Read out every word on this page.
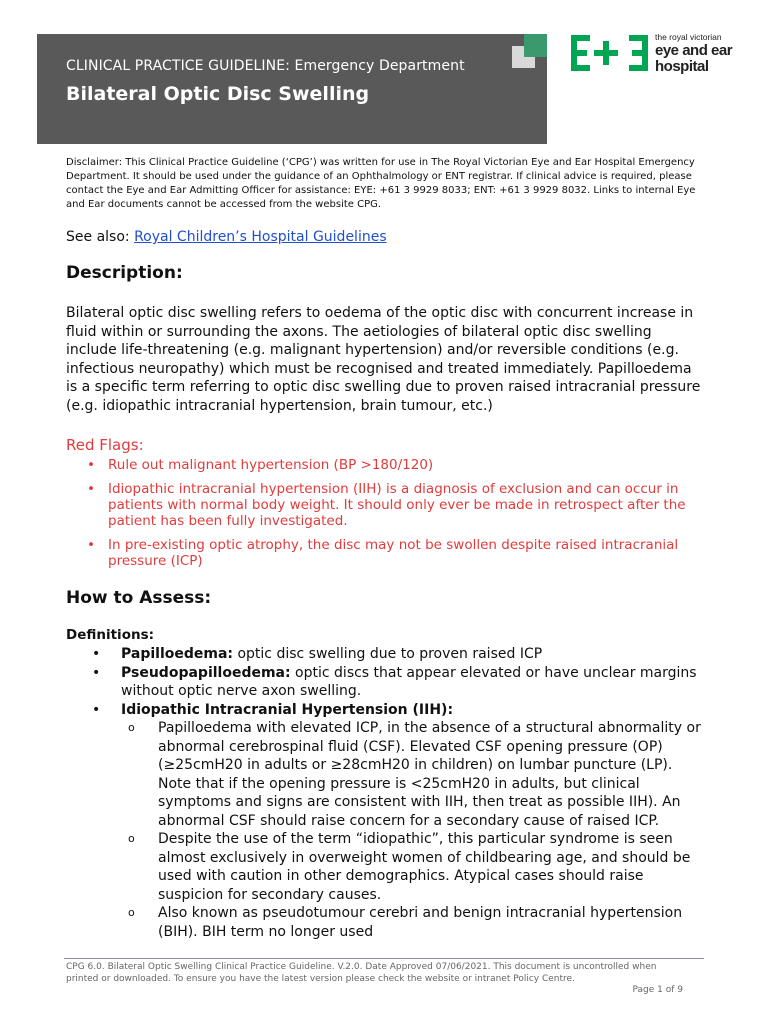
CLINICAL PRACTICE GUIDELINE: Emergency Department
Bilateral Optic Disc Swelling
the royal victorian
eye and ear
hospital

Disclaimer: This Clinical Practice Guideline (‘CPG’) was written for use in The Royal Victorian Eye and Ear Hospital Emergency Department. It should be used under the guidance of an Ophthalmology or ENT registrar. If clinical advice is required, please contact the Eye and Ear Admitting Officer for assistance: EYE: +61 3 9929 8033; ENT: +61 3 9929 8032. Links to internal Eye and Ear documents cannot be accessed from the website CPG.

See also: Royal Children’s Hospital Guidelines
Description:

Bilateral optic disc swelling refers to oedema of the optic disc with concurrent increase in fluid within or surrounding the axons. The aetiologies of bilateral optic disc swelling include life-threatening (e.g. malignant hypertension) and/or reversible conditions (e.g. infectious neuropathy) which must be recognised and treated immediately. Papilloedema is a specific term referring to optic disc swelling due to proven raised intracranial pressure (e.g. idiopathic intracranial hypertension, brain tumour, etc.)

Red Flags:
• Rule out malignant hypertension (BP >180/120)
• Idiopathic intracranial hypertension (IIH) is a diagnosis of exclusion and can occur in patients with normal body weight. It should only ever be made in retrospect after the patient has been fully investigated.
• In pre-existing optic atrophy, the disc may not be swollen despite raised intracranial pressure (ICP)
How to Assess:
Definitions:
• Papilloedema: optic disc swelling due to proven raised ICP
• Pseudopapilloedema: optic discs that appear elevated or have unclear margins without optic nerve axon swelling.
• Idiopathic Intracranial Hypertension (IIH):
o Papilloedema with elevated ICP, in the absence of a structural abnormality or abnormal cerebrospinal fluid (CSF). Elevated CSF opening pressure (OP) (≥25cmH20 in adults or ≥28cmH20 in children) on lumbar puncture (LP). Note that if the opening pressure is <25cmH20 in adults, but clinical symptoms and signs are consistent with IIH, then treat as possible IIH). An abnormal CSF should raise concern for a secondary cause of raised ICP.
o Despite the use of the term “idiopathic”, this particular syndrome is seen almost exclusively in overweight women of childbearing age, and should be used with caution in other demographics. Atypical cases should raise suspicion for secondary causes.
o Also known as pseudotumour cerebri and benign intracranial hypertension (BIH). BIH term no longer used
CPG 6.0. Bilateral Optic Swelling Clinical Practice Guideline. V.2.0. Date Approved 07/06/2021. This document is uncontrolled when printed or downloaded. To ensure you have the latest version please check the website or intranet Policy Centre.
Page 1 of 9
